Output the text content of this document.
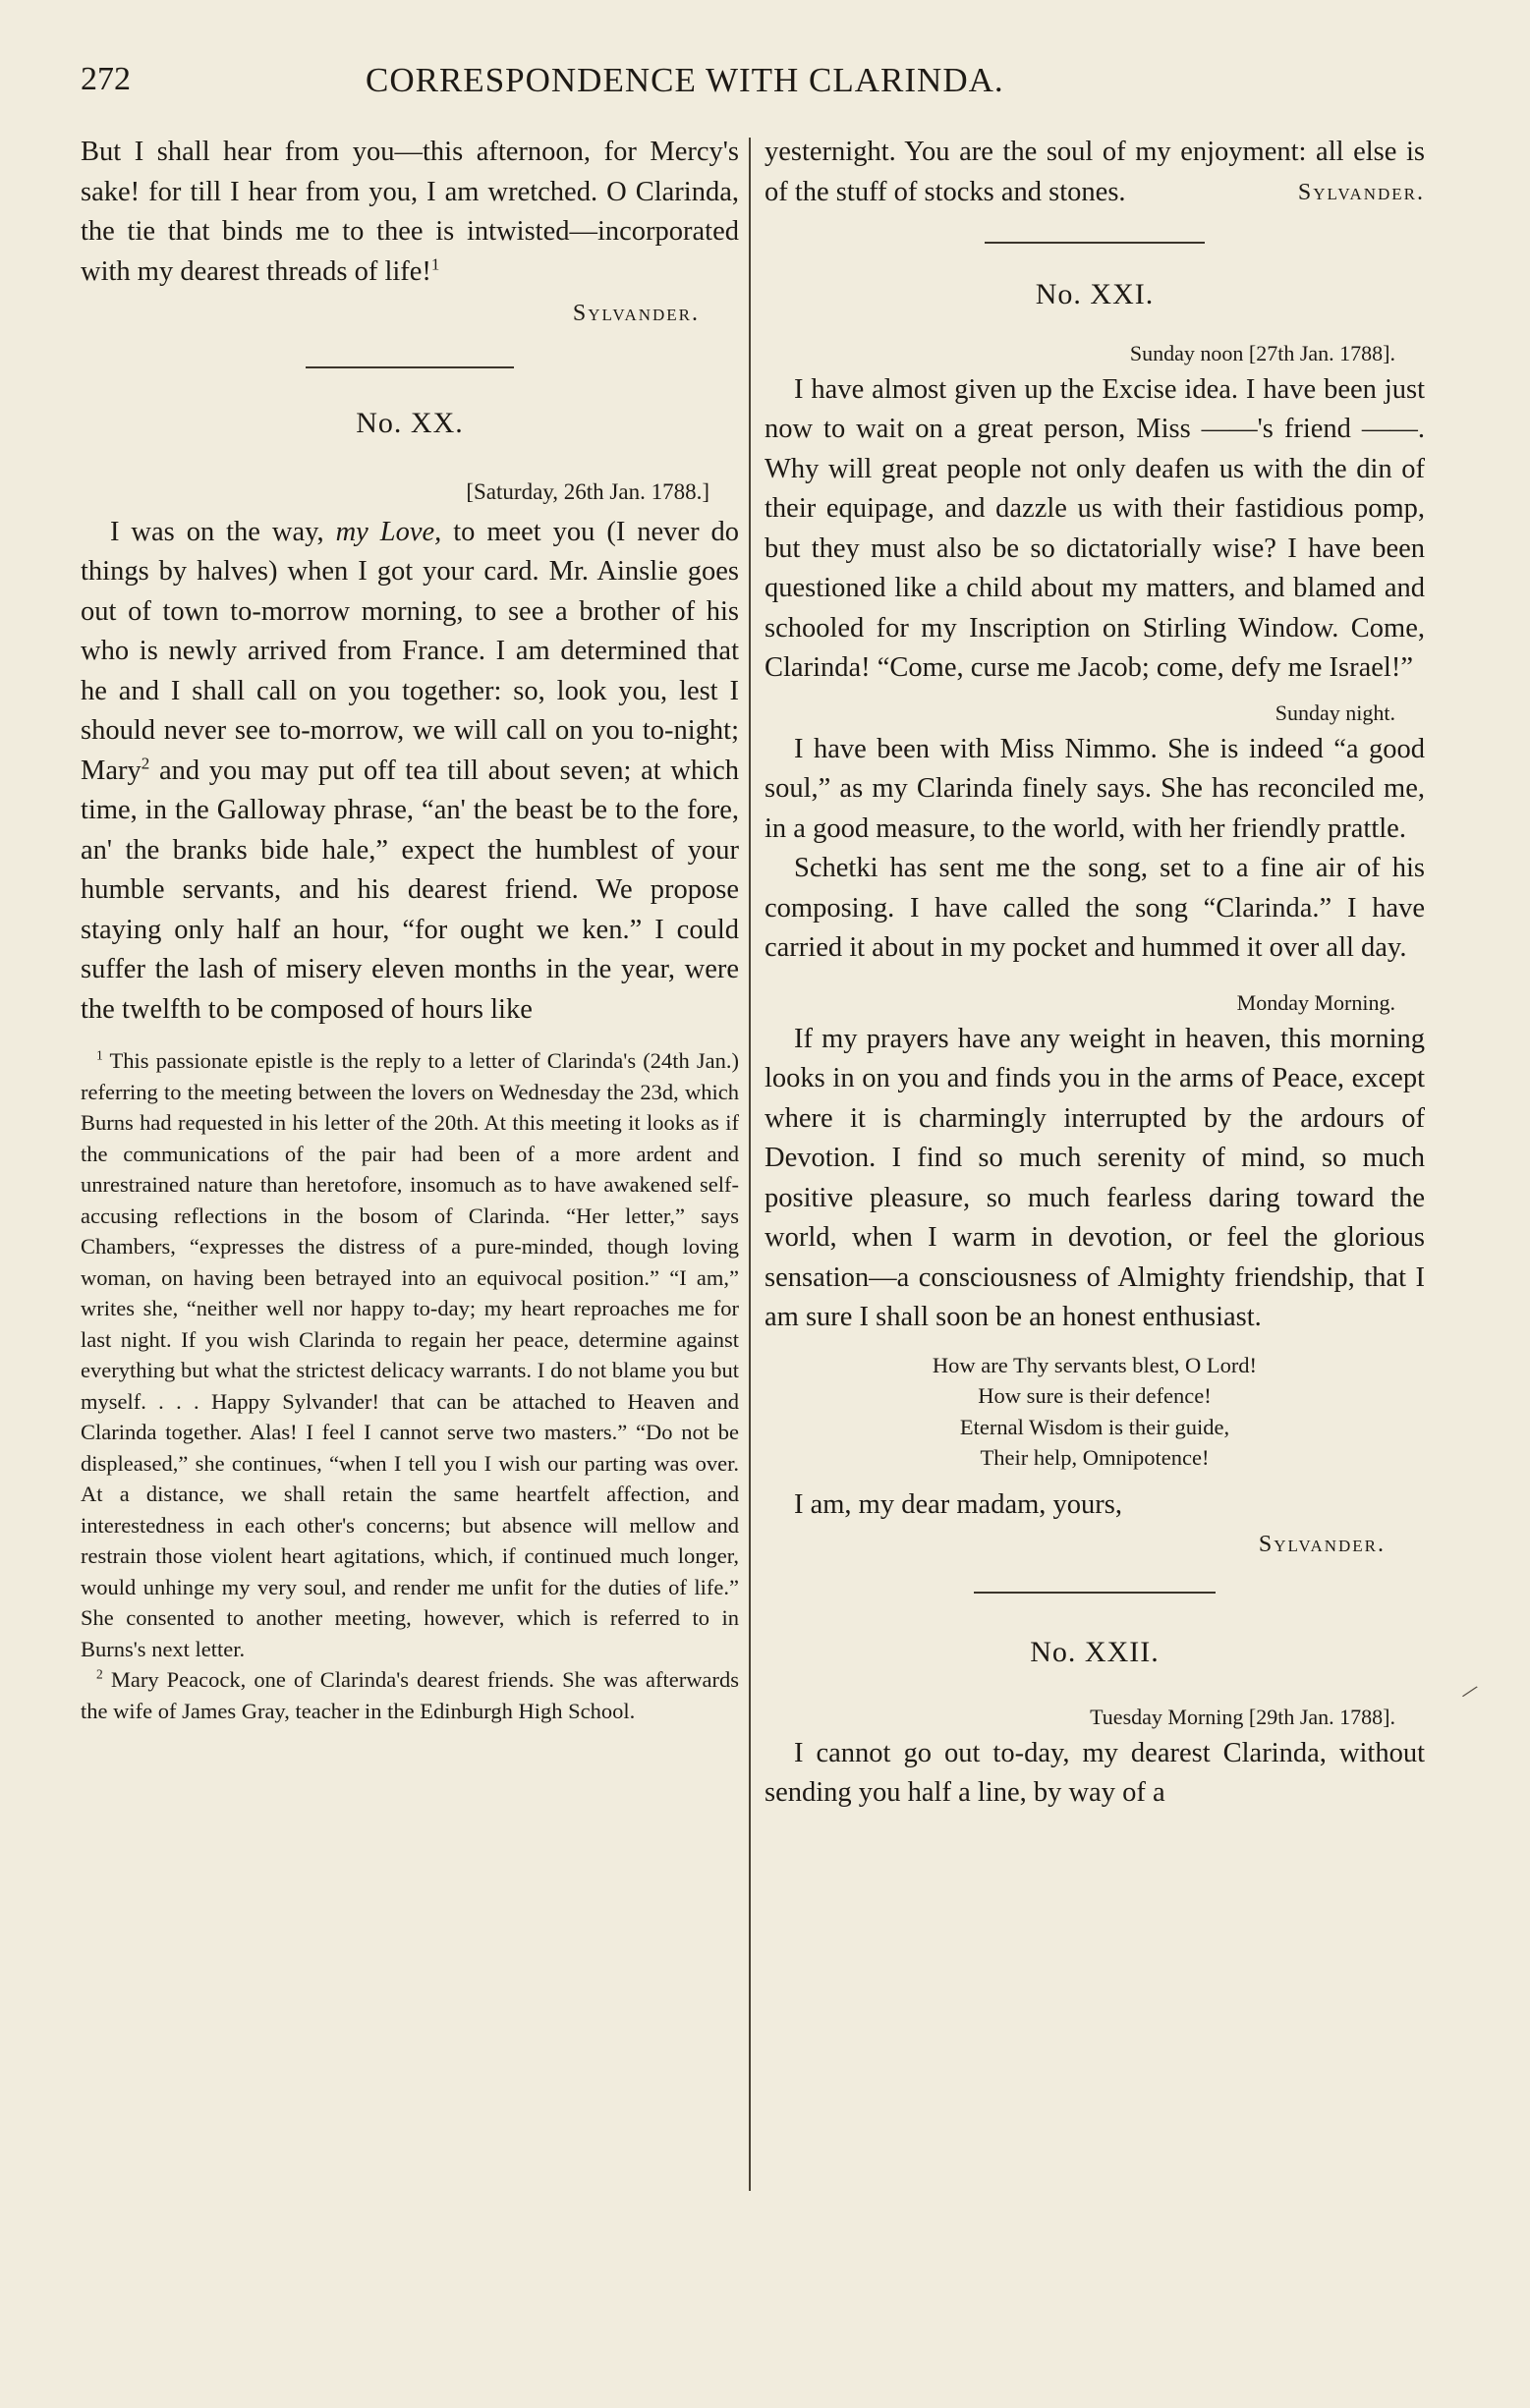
272	CORRESPONDENCE WITH CLARINDA.

But I shall hear from you—this afternoon, for Mercy's sake! for till I hear from you, I am wretched. O Clarinda, the tie that binds me to thee is intwisted—incorporated with my dearest threads of life!$^1$

Sylvander.

No. XX.

[Saturday, 26th Jan. 1788.]

I was on the way, my Love, to meet you (I never do things by halves) when I got your card. Mr. Ainslie goes out of town to-morrow morning, to see a brother of his who is newly arrived from France. I am determined that he and I shall call on you together: so, look you, lest I should never see to-morrow, we will call on you to-night; Mary$^2$ and you may put off tea till about seven; at which time, in the Galloway phrase, “an' the beast be to the fore, an' the branks bide hale,” expect the humblest of your humble servants, and his dearest friend. We propose staying only half an hour, “for ought we ken.” I could suffer the lash of misery eleven months in the year, were the twelfth to be composed of hours like

$^1$ This passionate epistle is the reply to a letter of Clarinda's (24th Jan.) referring to the meeting between the lovers on Wednesday the 23d, which Burns had requested in his letter of the 20th. At this meeting it looks as if the communications of the pair had been of a more ardent and unrestrained nature than heretofore, insomuch as to have awakened self-accusing reflections in the bosom of Clarinda. “Her letter,” says Chambers, “expresses the distress of a pure-minded, though loving woman, on having been betrayed into an equivocal position.” “I am,” writes she, “neither well nor happy to-day; my heart reproaches me for last night. If you wish Clarinda to regain her peace, determine against everything but what the strictest delicacy warrants. I do not blame you but myself. . . . Happy Sylvander! that can be attached to Heaven and Clarinda together. Alas! I feel I cannot serve two masters.” “Do not be displeased,” she continues, “when I tell you I wish our parting was over. At a distance, we shall retain the same heartfelt affection, and interestedness in each other's concerns; but absence will mellow and restrain those violent heart agitations, which, if continued much longer, would unhinge my very soul, and render me unfit for the duties of life.” She consented to another meeting, however, which is referred to in Burns's next letter.

$^2$ Mary Peacock, one of Clarinda's dearest friends. She was afterwards the wife of James Gray, teacher in the Edinburgh High School.

yesternight. You are the soul of my enjoyment: all else is of the stuff of stocks and stones.	Sylvander.

No. XXI.

Sunday noon [27th Jan. 1788].

I have almost given up the Excise idea. I have been just now to wait on a great person, Miss ——'s friend ——. Why will great people not only deafen us with the din of their equipage, and dazzle us with their fastidious pomp, but they must also be so dictatorially wise? I have been questioned like a child about my matters, and blamed and schooled for my Inscription on Stirling Window. Come, Clarinda! “Come, curse me Jacob; come, defy me Israel!”

Sunday night.

I have been with Miss Nimmo. She is indeed “a good soul,” as my Clarinda finely says. She has reconciled me, in a good measure, to the world, with her friendly prattle.

Schetki has sent me the song, set to a fine air of his composing. I have called the song “Clarinda.” I have carried it about in my pocket and hummed it over all day.

Monday Morning.

If my prayers have any weight in heaven, this morning looks in on you and finds you in the arms of Peace, except where it is charmingly interrupted by the ardours of Devotion. I find so much serenity of mind, so much positive pleasure, so much fearless daring toward the world, when I warm in devotion, or feel the glorious sensation—a consciousness of Almighty friendship, that I am sure I shall soon be an honest enthusiast.

How are Thy servants blest, O Lord!

How sure is their defence!

Eternal Wisdom is their guide,

Their help, Omnipotence!

I am, my dear madam, yours,

Sylvander.

No. XXII.

Tuesday Morning [29th Jan. 1788].

I cannot go out to-day, my dearest Clarinda, without sending you half a line, by way of a

⁄
